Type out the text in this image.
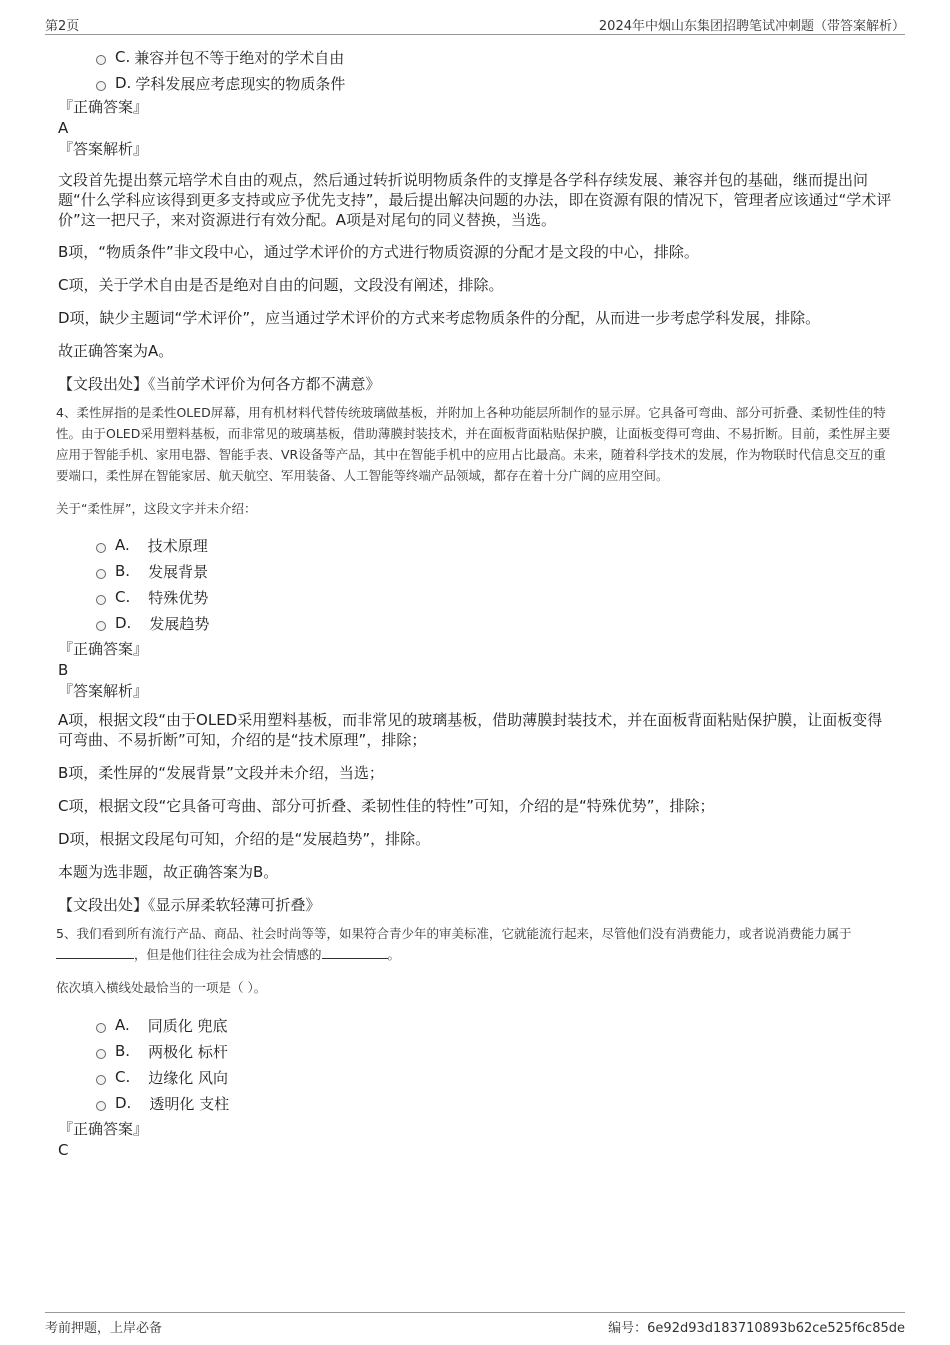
第2页	2024年中烟山东集团招聘笔试冲刺题（带答案解析）
C. 兼容并包不等于绝对的学术自由
D. 学科发展应考虑现实的物质条件
『正确答案』
A
『答案解析』
文段首先提出蔡元培学术自由的观点，然后通过转折说明物质条件的支撑是各学科存续发展、兼容并包的基础，继而提出问题“什么学科应该得到更多支持或应予优先支持”，最后提出解决问题的办法，即在资源有限的情况下，管理者应该通过“学术评价”这一把尺子，来对资源进行有效分配。A项是对尾句的同义替换，当选。
B项，“物质条件”非文段中心，通过学术评价的方式进行物质资源的分配才是文段的中心，排除。
C项，关于学术自由是否是绝对自由的问题，文段没有阐述，排除。
D项，缺少主题词“学术评价”，应当通过学术评价的方式来考虑物质条件的分配，从而进一步考虑学科发展，排除。
故正确答案为A。
【文段出处】《当前学术评价为何各方都不满意》
4、柔性屏指的是柔性OLED屏幕，用有机材料代替传统玻璃做基板，并附加上各种功能层所制作的显示屏。它具备可弯曲、部分可折叠、柔韧性佳的特性。由于OLED采用塑料基板，而非常见的玻璃基板，借助薄膜封装技术，并在面板背面粘贴保护膜，让面板变得可弯曲、不易折断。目前，柔性屏主要应用于智能手机、家用电器、智能手表、VR设备等产品，其中在智能手机中的应用占比最高。未来，随着科学技术的发展，作为物联时代信息交互的重要端口，柔性屏在智能家居、航天航空、军用装备、人工智能等终端产品领域，都存在着十分广阔的应用空间。
关于“柔性屏”，这段文字并未介绍：
A. 技术原理
B. 发展背景
C. 特殊优势
D. 发展趋势
『正确答案』
B
『答案解析』
A项，根据文段“由于OLED采用塑料基板，而非常见的玻璃基板，借助薄膜封装技术，并在面板背面粘贴保护膜，让面板变得可弯曲、不易折断”可知，介绍的是“技术原理”，排除；
B项，柔性屏的“发展背景”文段并未介绍，当选；
C项，根据文段“它具备可弯曲、部分可折叠、柔韧性佳的特性”可知，介绍的是“特殊优势”，排除；
D项，根据文段尾句可知，介绍的是“发展趋势”，排除。
本题为选非题，故正确答案为B。
【文段出处】《显示屏柔软轻薄可折叠》
5、我们看到所有流行产品、商品、社会时尚等等，如果符合青少年的审美标准，它就能流行起来，尽管他们没有消费能力，或者说消费能力属于，但是他们往往会成为社会情感的	。
依次填入横线处最恰当的一项是（ ）。
A. 同质化 兜底
B. 两极化 标杆
C. 边缘化 风向
D. 透明化 支柱
『正确答案』
C
考前押题，上岸必备	编号：6e92d93d183710893b62ce525f6c85de
